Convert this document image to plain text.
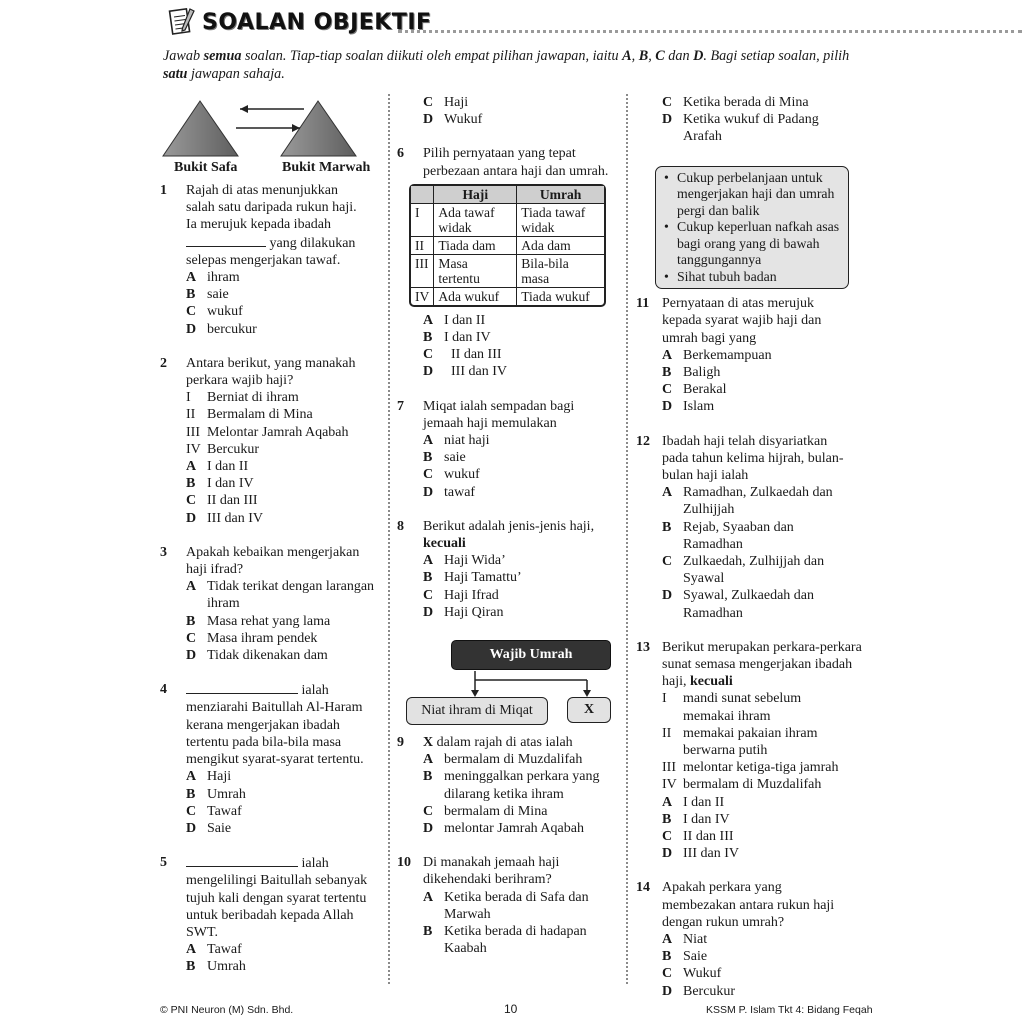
SOALAN OBJEKTIF
Jawab semua soalan. Tiap-tiap soalan diikuti oleh empat pilihan jawapan, iaitu A, B, C dan D. Bagi setiap soalan, pilih satu jawapan sahaja.
Bukit Safa	Bukit Marwah
1 Rajah di atas menunjukkan salah satu daripada rukun haji. Ia merujuk kepada ibadah
yang dilakukan selepas mengerjakan tawaf.
A ihram
B saie
C wukuf
D bercukur
2 Antara berikut, yang manakah perkara wajib haji?
I Berniat di ihram
II Bermalam di Mina
III Melontar Jamrah Aqabah
IV Bercukur
A I dan II
B I dan IV
C II dan III
D III dan IV
3 Apakah kebaikan mengerjakan haji ifrad?
A Tidak terikat dengan larangan ihram
B Masa rehat yang lama
C Masa ihram pendek
D Tidak dikenakan dam
4	ialah
menziarahi Baitullah Al-Haram kerana mengerjakan ibadah tertentu pada bila-bila masa mengikut syarat-syarat tertentu.
A Haji
B Umrah
C Tawaf
D Saie
5	ialah
mengelilingi Baitullah sebanyak tujuh kali dengan syarat tertentu untuk beribadah kepada Allah SWT.
A Tawaf
B Umrah
C Haji
D Wukuf
6 Pilih pernyataan yang tepat perbezaan antara haji dan umrah.
	Haji	Umrah
I	Ada tawaf widak	Tiada tawaf widak
II	Tiada dam	Ada dam
III	Masa tertentu	Bila-bila masa
IV	Ada wukuf	Tiada wukuf
A I dan II
B I dan IV
C II dan III
D III dan IV
7 Miqat ialah sempadan bagi jemaah haji memulakan
A niat haji
B saie
C wukuf
D tawaf
8 Berikut adalah jenis-jenis haji,
kecuali
A Haji Wida’
B Haji Tamattu’
C Haji Ifrad
D Haji Qiran
Wajib Umrah
Niat ihram di Miqat	X
9 X dalam rajah di atas ialah
A bermalam di Muzdalifah
B meninggalkan perkara yang dilarang ketika ihram
C bermalam di Mina
D melontar Jamrah Aqabah
10 Di manakah jemaah haji dikehendaki berihram?
A Ketika berada di Safa dan Marwah
B Ketika berada di hadapan Kaabah
C Ketika berada di Mina
D Ketika wukuf di Padang Arafah
• Cukup perbelanjaan untuk mengerjakan haji dan umrah pergi dan balik
• Cukup keperluan nafkah asas bagi orang yang di bawah tanggungannya
• Sihat tubuh badan
11 Pernyataan di atas merujuk kepada syarat wajib haji dan umrah bagi yang
A Berkemampuan
B Baligh
C Berakal
D Islam
12 Ibadah haji telah disyariatkan pada tahun kelima hijrah, bulan-bulan haji ialah
A Ramadhan, Zulkaedah dan Zulhijjah
B Rejab, Syaaban dan Ramadhan
C Zulkaedah, Zulhijjah dan Syawal
D Syawal, Zulkaedah dan Ramadhan
13 Berikut merupakan perkara-perkara sunat semasa mengerjakan ibadah haji, kecuali
I mandi sunat sebelum memakai ihram
II memakai pakaian ihram berwarna putih
III melontar ketiga-tiga jamrah
IV bermalam di Muzdalifah
A I dan II
B I dan IV
C II dan III
D III dan IV
14 Apakah perkara yang membezakan antara rukun haji dengan rukun umrah?
A Niat
B Saie
C Wukuf
D Bercukur
© PNI Neuron (M) Sdn. Bhd.	10	KSSM P. Islam Tkt 4: Bidang Feqah
